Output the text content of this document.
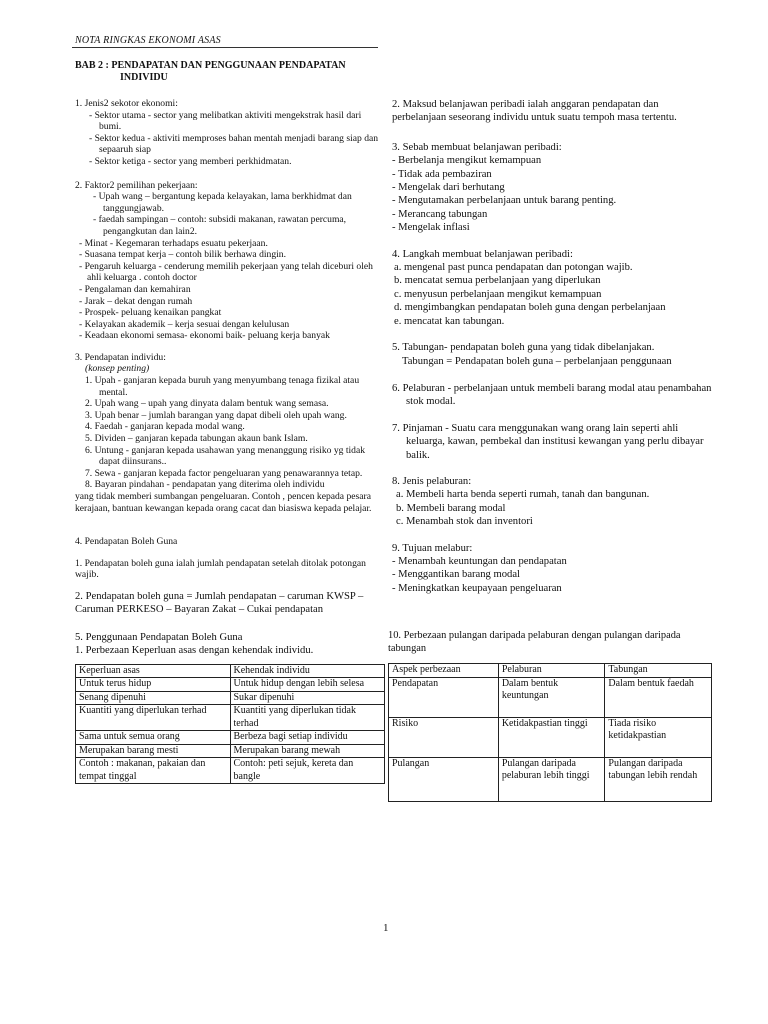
NOTA RINGKAS EKONOMI ASAS
BAB 2 : PENDAPATAN DAN PENGGUNAAN PENDAPATAN
INDIVIDU

1. Jenis2 sekotor ekonomi:

- Sektor utama - sector yang melibatkan aktiviti mengekstrak hasil dari bumi.

- Sektor kedua - aktiviti memproses bahan mentah menjadi barang siap dan sepaaruh siap

- Sektor ketiga - sector yang memberi perkhidmatan.

2. Faktor2 pemilihan pekerjaan:

- Upah wang – bergantung kepada kelayakan, lama berkhidmat dan tanggungjawab.

- faedah sampingan – contoh: subsidi makanan, rawatan percuma, pengangkutan dan lain2.

- Minat - Kegemaran terhadaps esuatu pekerjaan.

- Suasana tempat kerja – contoh bilik berhawa dingin.

- Pengaruh keluarga - cenderung memilih pekerjaan yang telah diceburi oleh ahli keluarga . contoh doctor

- Pengalaman dan kemahiran

- Jarak – dekat dengan rumah

- Prospek- peluang kenaikan pangkat

- Kelayakan akademik – kerja sesuai dengan kelulusan

- Keadaan ekonomi semasa- ekonomi baik- peluang kerja banyak

3. Pendapatan individu:

(konsep penting)

1. Upah - ganjaran kepada buruh yang menyumbang tenaga fizikal atau mental.

2. Upah wang – upah yang dinyata dalam bentuk wang semasa.

3. Upah benar – jumlah barangan yang dapat dibeli oleh upah wang.

4. Faedah - ganjaran kepada modal wang.

5. Dividen – ganjaran kepada tabungan akaun bank Islam.

6. Untung - ganjaran kepada usahawan yang menanggung risiko yg tidak dapat diinsurans..

7. Sewa - ganjaran kepada factor pengeluaran yang penawarannya tetap.

8. Bayaran pindahan - pendapatan yang diterima oleh individu

yang tidak memberi sumbangan pengeluaran. Contoh , pencen kepada pesara kerajaan, bantuan kewangan kepada orang cacat dan biasiswa kepada pelajar.

4. Pendapatan Boleh Guna

1. Pendapatan boleh guna ialah jumlah pendapatan setelah ditolak potongan wajib.

2. Pendapatan boleh guna = Jumlah pendapatan – caruman KWSP – Caruman PERKESO – Bayaran Zakat – Cukai pendapatan

5. Penggunaan Pendapatan Boleh Guna

1. Perbezaan Keperluan asas dengan kehendak individu.

Keperluan asas	Kehendak individu
Untuk terus hidup	Untuk hidup dengan lebih selesa
Senang dipenuhi	Sukar dipenuhi
Kuantiti yang diperlukan terhad	Kuantiti yang diperlukan tidak terhad
Sama untuk semua orang	Berbeza bagi setiap individu
Merupakan barang mesti	Merupakan barang mewah
Contoh : makanan, pakaian dan tempat tinggal	Contoh: peti sejuk, kereta dan bangle

2. Maksud belanjawan peribadi ialah anggaran pendapatan dan perbelanjaan seseorang individu untuk suatu tempoh masa tertentu.

3. Sebab membuat belanjawan peribadi:

- Berbelanja mengikut kemampuan

- Tidak ada pembaziran

- Mengelak dari berhutang

- Mengutamakan perbelanjaan untuk barang penting.

- Merancang tabungan

- Mengelak inflasi

4. Langkah membuat belanjawan peribadi:

a. mengenal past punca pendapatan dan potongan wajib.

b. mencatat semua perbelanjaan yang diperlukan

c. menyusun perbelanjaan mengikut kemampuan

d. mengimbangkan pendapatan boleh guna dengan perbelanjaan

e. mencatat kan tabungan.

5. Tabungan- pendapatan boleh guna yang tidak dibelanjakan.

Tabungan = Pendapatan boleh guna – perbelanjaan penggunaan

6. Pelaburan - perbelanjaan untuk membeli barang modal atau penambahan stok modal.

7. Pinjaman - Suatu cara menggunakan wang orang lain seperti ahli keluarga, kawan, pembekal dan institusi kewangan yang perlu dibayar balik.

8. Jenis pelaburan:

a. Membeli harta benda seperti rumah, tanah dan bangunan.

b. Membeli barang modal

c. Menambah stok dan inventori

9. Tujuan melabur:

- Menambah keuntungan dan pendapatan

- Menggantikan barang modal

- Meningkatkan keupayaan pengeluaran

10. Perbezaan pulangan daripada pelaburan dengan pulangan daripada tabungan

Aspek perbezaan	Pelaburan	Tabungan
Pendapatan	Dalam bentuk keuntungan	Dalam bentuk faedah
Risiko	Ketidakpastian tinggi	Tiada risiko ketidakpastian
Pulangan	Pulangan daripada pelaburan lebih tinggi	Pulangan daripada tabungan lebih rendah
1
